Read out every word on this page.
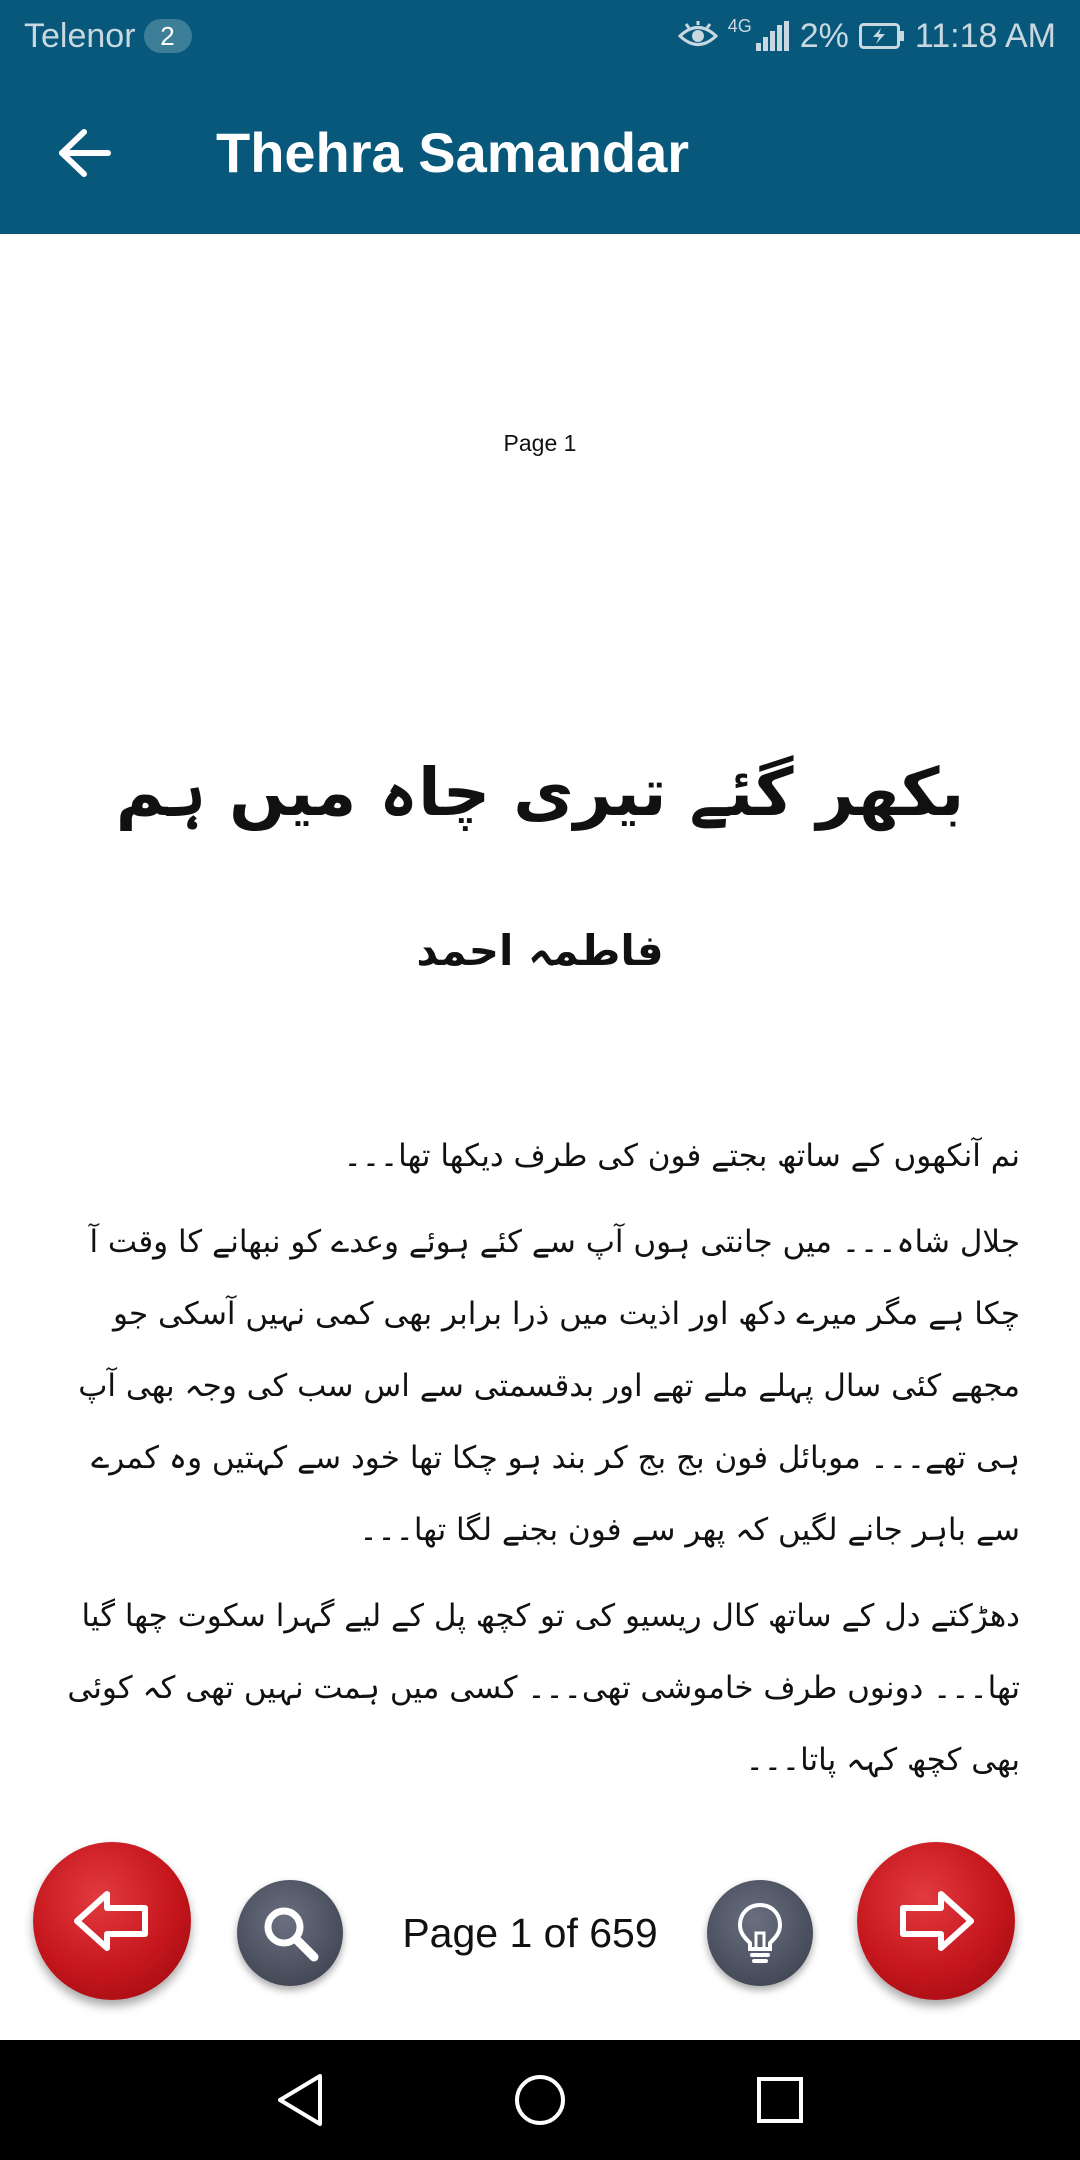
Telenor 2	4G 2% 11:18 AM
Thehra Samandar
Page 1
بکھر گئے تیری چاہ میں ہم
فاطمہ احمد

نم آنکھوں کے ساتھ بجتے فون کی طرف دیکھا تھا۔۔۔

جلال شاہ۔۔۔ میں جانتی ہوں آپ سے کئے ہوئے وعدے کو نبھانے کا وقت آ چکا ہے مگر میرے دکھ اور اذیت میں ذرا برابر بھی کمی نہیں آسکی جو مجھے کئی سال پہلے ملے تھے اور بدقسمتی سے اس سب کی وجہ بھی آپ ہی تھے۔۔۔ موبائل فون بج بج کر بند ہو چکا تھا خود سے کہتیں وہ کمرے سے باہر جانے لگیں کہ پھر سے فون بجنے لگا تھا۔۔۔

دھڑکتے دل کے ساتھ کال ریسیو کی تو کچھ پل کے لیے گہرا سکوت چھا گیا تھا۔۔۔ دونوں طرف خاموشی تھی۔۔۔ کسی میں ہمت نہیں تھی کہ کوئی بھی کچھ کہہ پاتا۔۔۔

Page 1 of 659
